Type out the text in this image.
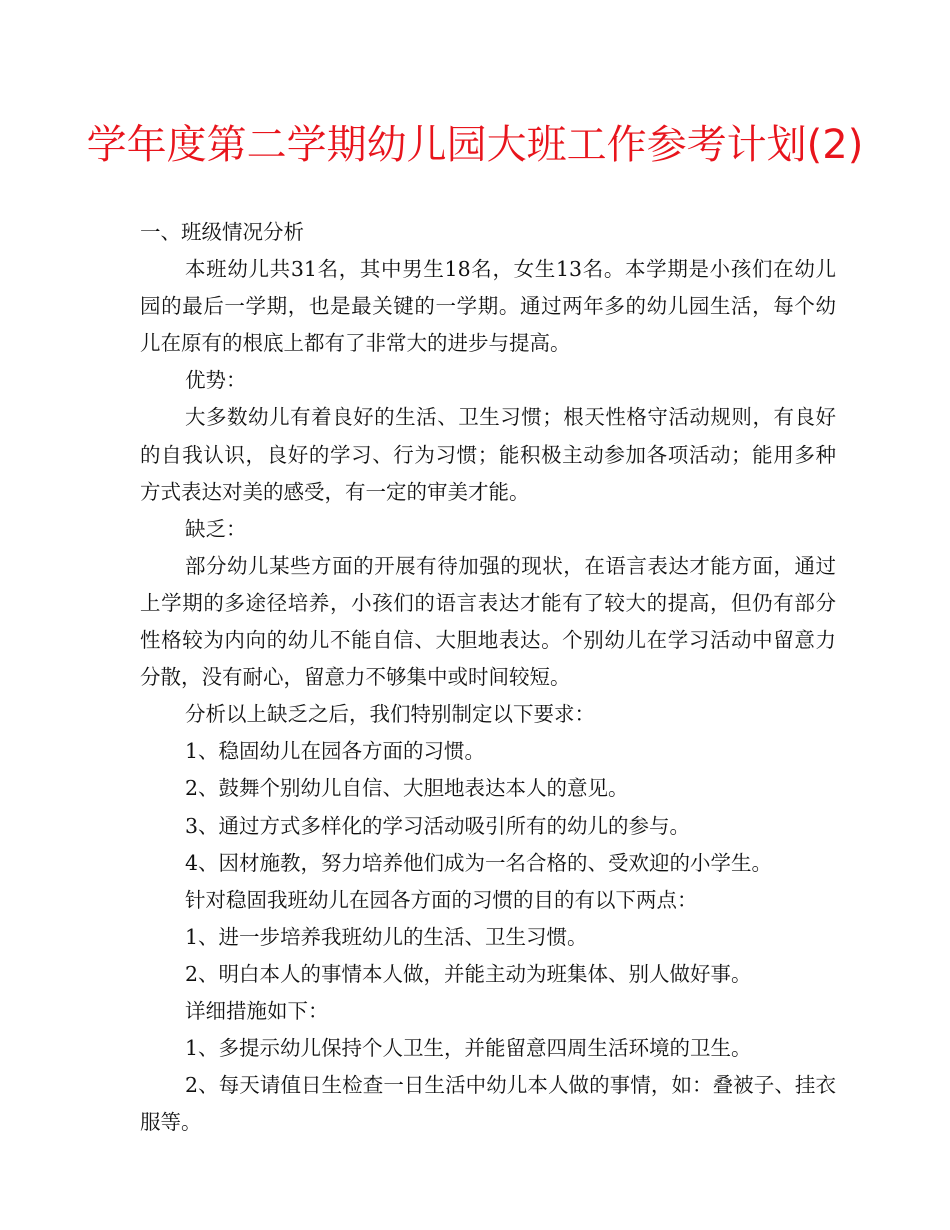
学年度第二学期幼儿园大班工作参考计划(2)

一、班级情况分析

本班幼儿共31名，其中男生18名，女生13名。本学期是小孩们在幼儿园的最后一学期，也是最关键的一学期。通过两年多的幼儿园生活，每个幼儿在原有的根底上都有了非常大的进步与提高。

优势：

大多数幼儿有着良好的生活、卫生习惯；根天性格守活动规则，有良好的自我认识，良好的学习、行为习惯；能积极主动参加各项活动；能用多种方式表达对美的感受，有一定的审美才能。

缺乏：

部分幼儿某些方面的开展有待加强的现状，在语言表达才能方面，通过上学期的多途径培养，小孩们的语言表达才能有了较大的提高，但仍有部分性格较为内向的幼儿不能自信、大胆地表达。个别幼儿在学习活动中留意力分散，没有耐心，留意力不够集中或时间较短。

分析以上缺乏之后，我们特别制定以下要求：

1、稳固幼儿在园各方面的习惯。

2、鼓舞个别幼儿自信、大胆地表达本人的意见。

3、通过方式多样化的学习活动吸引所有的幼儿的参与。

4、因材施教，努力培养他们成为一名合格的、受欢迎的小学生。

针对稳固我班幼儿在园各方面的习惯的目的有以下两点：

1、进一步培养我班幼儿的生活、卫生习惯。

2、明白本人的事情本人做，并能主动为班集体、别人做好事。

详细措施如下：

1、多提示幼儿保持个人卫生，并能留意四周生活环境的卫生。

2、每天请值日生检查一日生活中幼儿本人做的事情，如：叠被子、挂衣服等。
